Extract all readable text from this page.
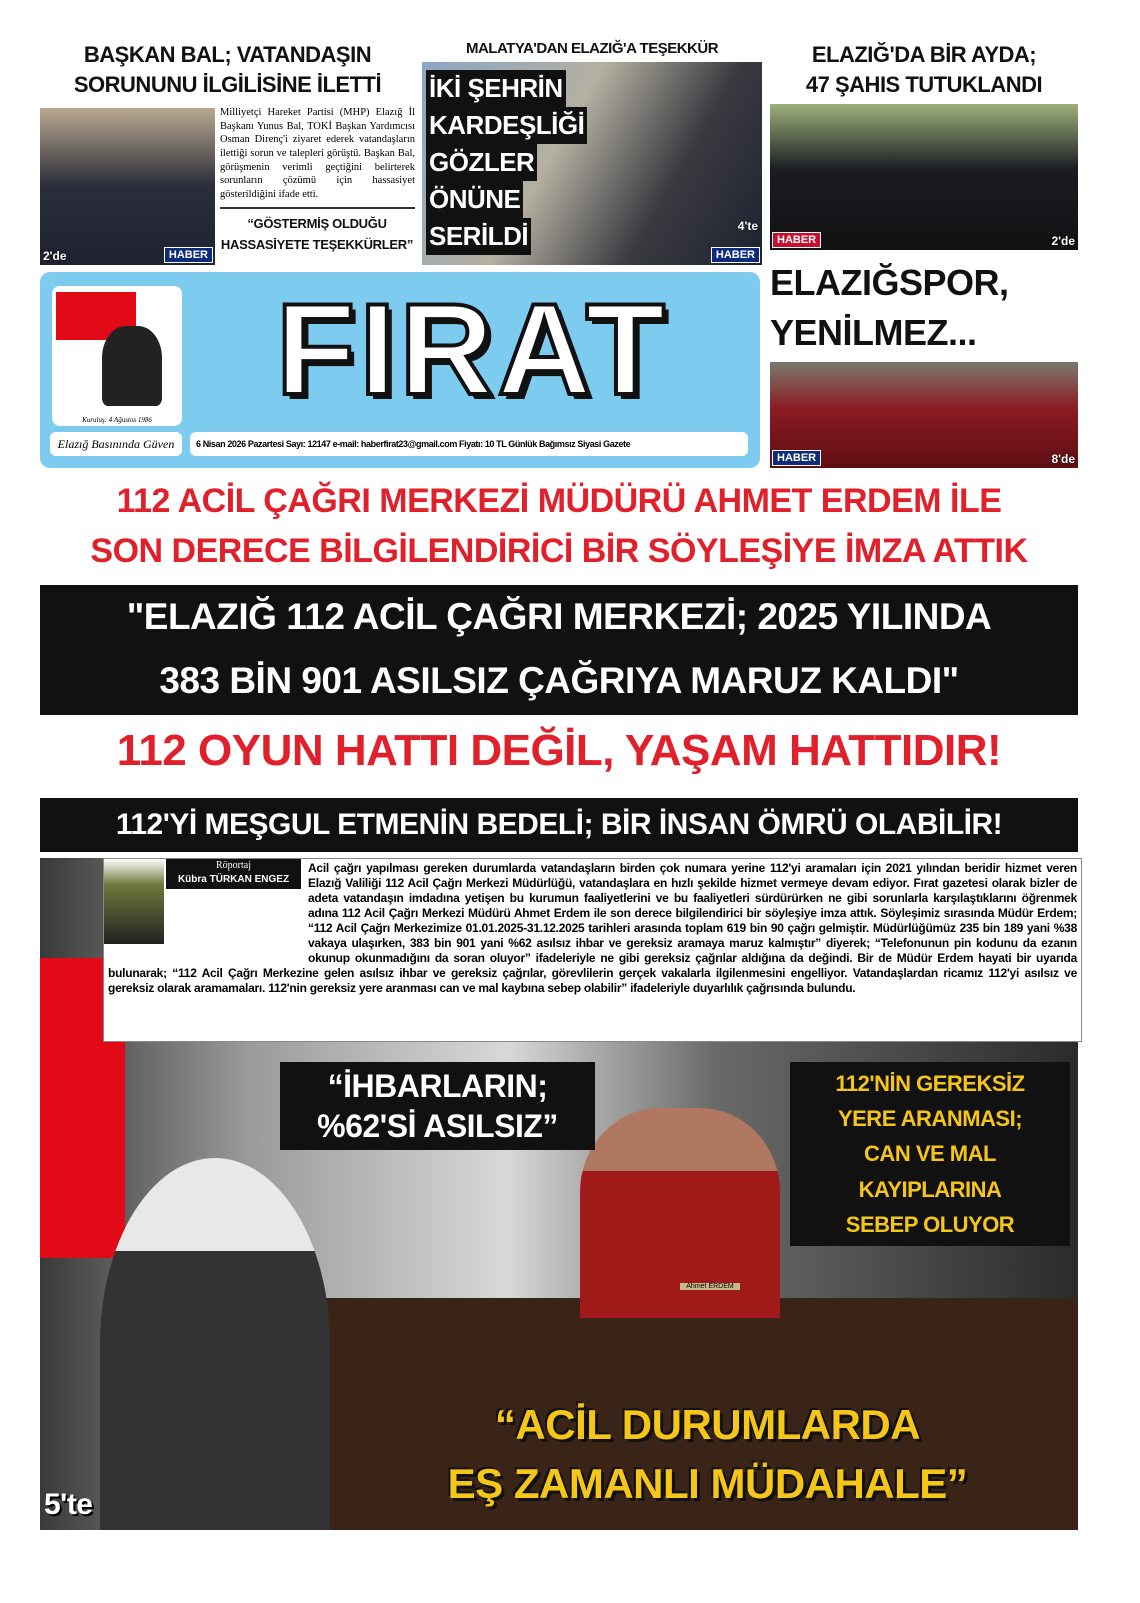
BAŞKAN BAL; VATANDAŞIN
SORUNUNU İLGİLİSİNE İLETTİ
2'de	HABER
Milliyetçi Hareket Partisi (MHP) Elazığ İl Başkanı Yunus Bal, TOKİ Başkan Yardımcısı Osman Direnç'i ziyaret ederek vatandaşların ilettiği sorun ve talepleri görüştü. Başkan Bal, görüşmenin verimli geçtiğini belirterek sorunların çözümü için hassasiyet gösterildiğini ifade etti.
“GÖSTERMİŞ OLDUĞU
HASSASİYETE TEŞEKKÜRLER”
MALATYA'DAN ELAZIĞ'A TEŞEKKÜR
İKİ ŞEHRİN
KARDEŞLİĞİ
GÖZLER
ÖNÜNE
SERİLDİ	4'te
HABER
ELAZIĞ'DA BİR AYDA;
47 ŞAHIS TUTUKLANDI
2'de
HABER
Kuruluş: 4 Ağustos 1986 FIRAT
Elazığ Basınında Güven	6 Nisan 2026 Pazartesi Sayı: 12147 e-mail: haberfirat23@gmail.com Fiyatı: 10 TL Günlük Bağımsız Siyasi Gazete
ELAZIĞSPOR,
YENİLMEZ...
8'de
HABER
112 ACİL ÇAĞRI MERKEZİ MÜDÜRÜ AHMET ERDEM İLE
SON DERECE BİLGİLENDİRİCİ BİR SÖYLEŞİYE İMZA ATTIK
"ELAZIĞ 112 ACİL ÇAĞRI MERKEZİ; 2025 YILINDA
383 BİN 901 ASILSIZ ÇAĞRIYA MARUZ KALDI"
112 OYUN HATTI DEĞİL, YAŞAM HATTIDIR!
112'Yİ MEŞGUL ETMENİN BEDELİ; BİR İNSAN ÖMRÜ OLABİLİR!
Ahmet ERDEM
Röportaj
Kübra TÜRKAN ENGEZ
Acil çağrı yapılması gereken durumlarda vatandaşların birden çok numara yerine 112'yi aramaları için 2021 yılından beridir hizmet veren Elazığ Valiliği 112 Acil Çağrı Merkezi Müdürlüğü, vatandaşlara en hızlı şekilde hizmet vermeye devam ediyor. Fırat gazetesi olarak bizler de adeta vatandaşın imdadına yetişen bu kurumun faaliyetlerini ve bu faaliyetleri sürdürürken ne gibi sorunlarla karşılaştıklarını öğrenmek adına 112 Acil Çağrı Merkezi Müdürü Ahmet Erdem ile son derece bilgilendirici bir söyleşiye imza attık. Söyleşimiz sırasında Müdür Erdem; “112 Acil Çağrı Merkezimize 01.01.2025-31.12.2025 tarihleri arasında toplam 619 bin 90 çağrı gelmiştir. Müdürlüğümüz 235 bin 189 yani %38 vakaya ulaşırken, 383 bin 901 yani %62 asılsız ihbar ve gereksiz aramaya maruz kalmıştır” diyerek; “Telefonunun pin kodunu da ezanın okunup okunmadığını da soran oluyor” ifadeleriyle ne gibi gereksiz çağrılar aldığına da değindi. Bir de Müdür Erdem hayati bir uyarıda bulunarak; “112 Acil Çağrı Merkezine gelen asılsız ihbar ve gereksiz çağrılar, görevlilerin gerçek vakalarla ilgilenmesini engelliyor. Vatandaşlardan ricamız 112'yi asılsız ve gereksiz olarak aramamaları. 112'nin gereksiz yere aranması can ve mal kaybına sebep olabilir” ifadeleriyle duyarlılık çağrısında bulundu.
“İHBARLARIN;
%62'Sİ ASILSIZ”
112'NİN GEREKSİZ
YERE ARANMASI;
CAN VE MAL
KAYIPLARINA
SEBEP OLUYOR
“ACİL DURUMLARDA
EŞ ZAMANLI MÜDAHALE”
5'te
